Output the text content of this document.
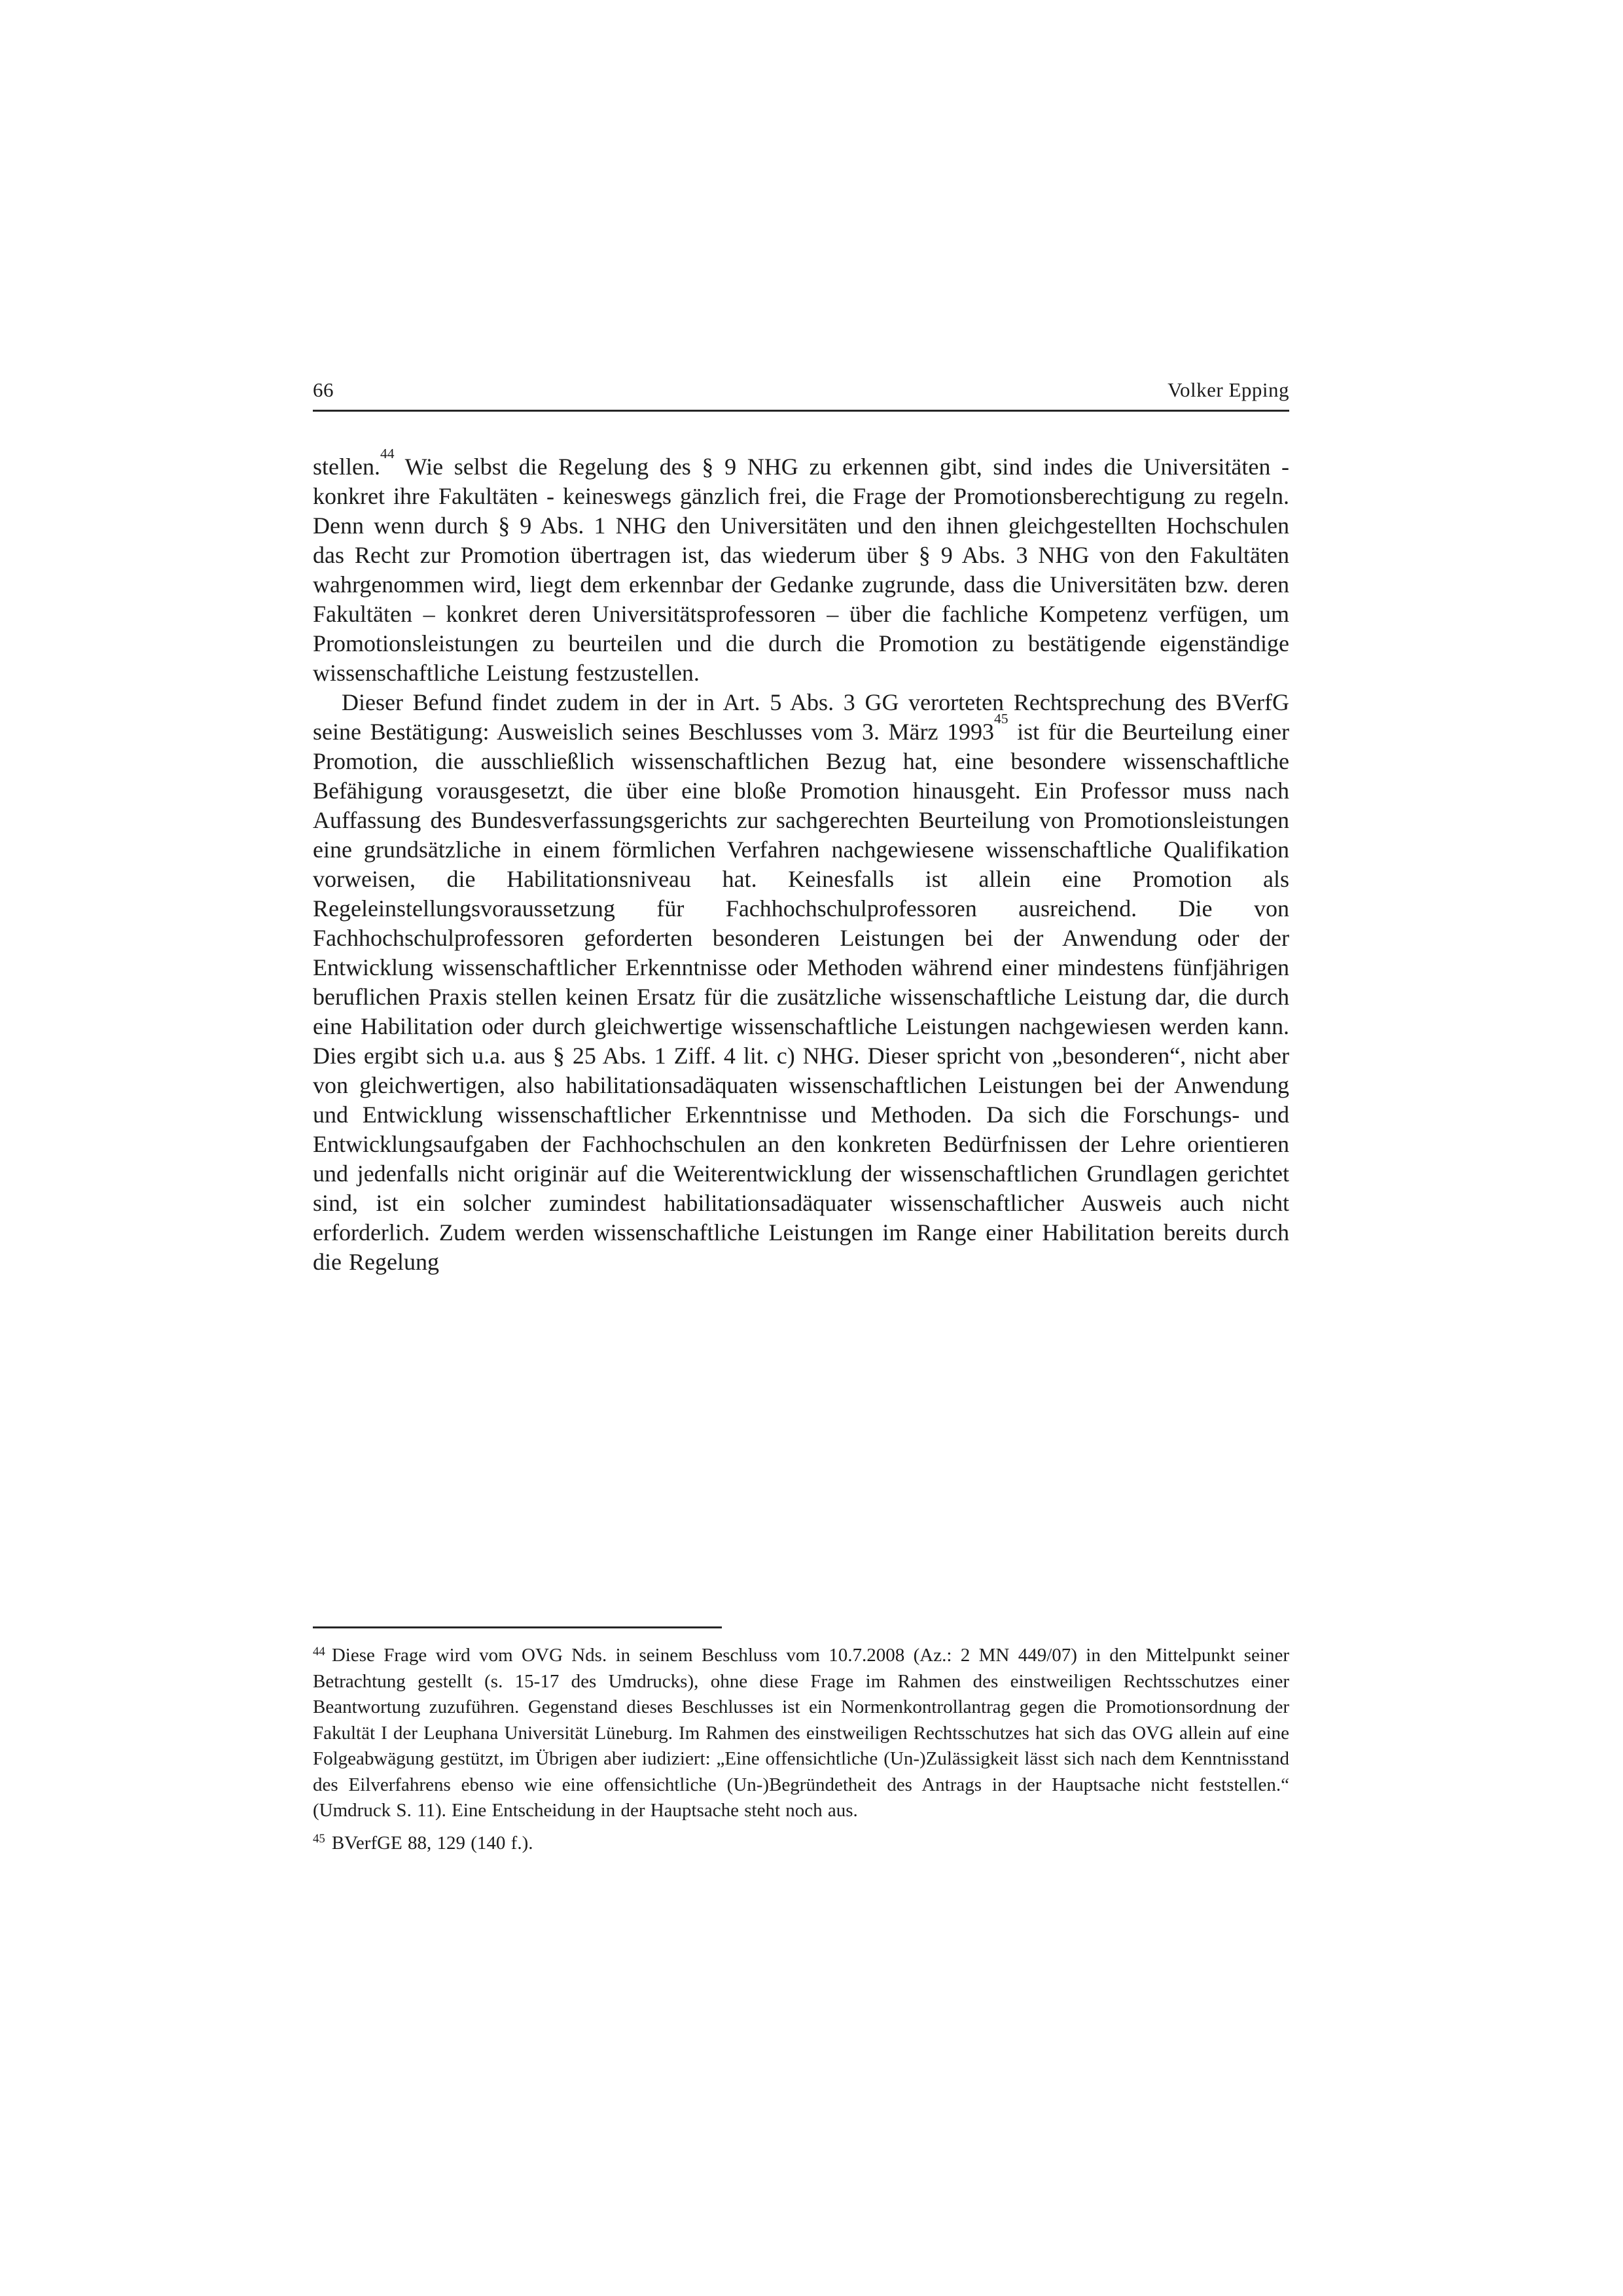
66	Volker Epping

stellen.$^{44}$ Wie selbst die Regelung des § 9 NHG zu erkennen gibt, sind indes die Universitäten - konkret ihre Fakultäten - keineswegs gänzlich frei, die Frage der Promotionsberechtigung zu regeln. Denn wenn durch § 9 Abs. 1 NHG den Universitäten und den ihnen gleichgestellten Hochschulen das Recht zur Promotion übertragen ist, das wiederum über § 9 Abs. 3 NHG von den Fakultäten wahrgenommen wird, liegt dem erkennbar der Gedanke zugrunde, dass die Universitäten bzw. deren Fakultäten – konkret deren Universitätsprofessoren – über die fachliche Kompetenz verfügen, um Promotionsleistungen zu beurteilen und die durch die Promotion zu bestätigende eigenständige wissenschaftliche Leistung festzustellen.

Dieser Befund findet zudem in der in Art. 5 Abs. 3 GG verorteten Rechtsprechung des BVerfG seine Bestätigung: Ausweislich seines Beschlusses vom 3. März 1993$^{45}$ ist für die Beurteilung einer Promotion, die ausschließlich wissenschaftlichen Bezug hat, eine besondere wissenschaftliche Befähigung vorausgesetzt, die über eine bloße Promotion hinausgeht. Ein Professor muss nach Auffassung des Bundesverfassungsgerichts zur sachgerechten Beurteilung von Promotionsleistungen eine grundsätzliche in einem förmlichen Verfahren nachgewiesene wissenschaftliche Qualifikation vorweisen, die Habilitationsniveau hat. Keinesfalls ist allein eine Promotion als Regeleinstellungsvoraussetzung für Fachhochschulprofessoren ausreichend. Die von Fachhochschulprofessoren geforderten besonderen Leistungen bei der Anwendung oder der Entwicklung wissenschaftlicher Erkenntnisse oder Methoden während einer mindestens fünfjährigen beruflichen Praxis stellen keinen Ersatz für die zusätzliche wissenschaftliche Leistung dar, die durch eine Habilitation oder durch gleichwertige wissenschaftliche Leistungen nachgewiesen werden kann. Dies ergibt sich u.a. aus § 25 Abs. 1 Ziff. 4 lit. c) NHG. Dieser spricht von „besonderen“, nicht aber von gleichwertigen, also habilitationsadäquaten wissenschaftlichen Leistungen bei der Anwendung und Entwicklung wissenschaftlicher Erkenntnisse und Methoden. Da sich die Forschungs- und Entwicklungsaufgaben der Fachhochschulen an den konkreten Bedürfnissen der Lehre orientieren und jedenfalls nicht originär auf die Weiterentwicklung der wissenschaftlichen Grundlagen gerichtet sind, ist ein solcher zumindest habilitationsadäquater wissenschaftlicher Ausweis auch nicht erforderlich. Zudem werden wissenschaftliche Leistungen im Range einer Habilitation bereits durch die Regelung

$^{44}$ Diese Frage wird vom OVG Nds. in seinem Beschluss vom 10.7.2008 (Az.: 2 MN 449/07) in den Mittelpunkt seiner Betrachtung gestellt (s. 15-17 des Umdrucks), ohne diese Frage im Rahmen des einstweiligen Rechtsschutzes einer Beantwortung zuzuführen. Gegenstand dieses Beschlusses ist ein Normenkontrollantrag gegen die Promotionsordnung der Fakultät I der Leuphana Universität Lüneburg. Im Rahmen des einstweiligen Rechtsschutzes hat sich das OVG allein auf eine Folgeabwägung gestützt, im Übrigen aber iudiziert: „Eine offensichtliche (Un-)Zulässigkeit lässt sich nach dem Kenntnisstand des Eilverfahrens ebenso wie eine offensichtliche (Un-)Begründetheit des Antrags in der Hauptsache nicht feststellen.“ (Umdruck S. 11). Eine Entscheidung in der Hauptsache steht noch aus.

$^{45}$ BVerfGE 88, 129 (140 f.).
